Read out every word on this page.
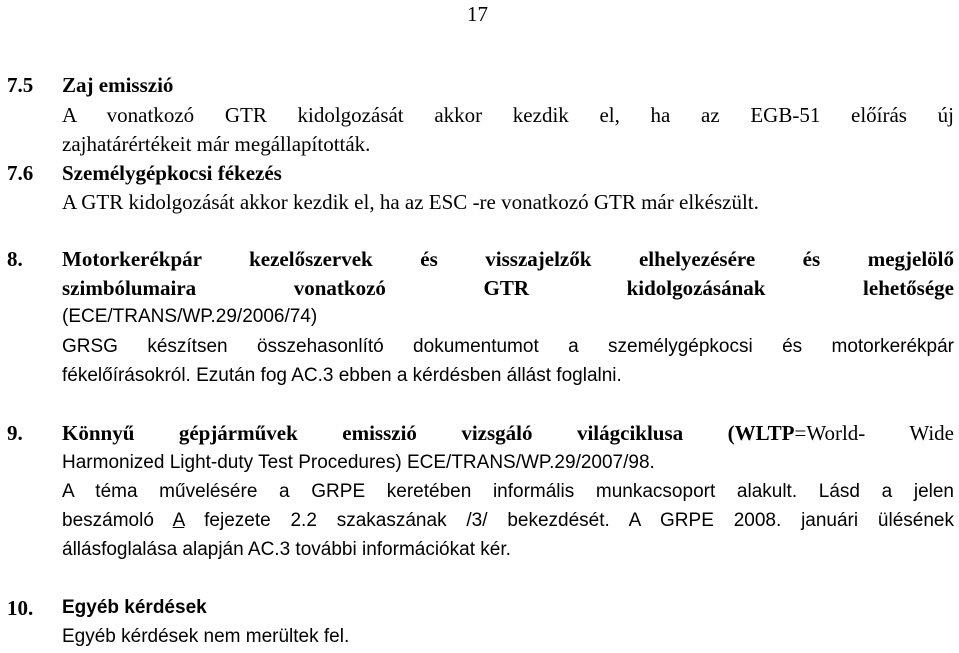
17
7.5 Zaj emisszió
A vonatkozó GTR kidolgozását akkor kezdik el, ha az EGB-51 előírás új
zajhatárértékeit már megállapították.
7.6 Személygépkocsi fékezés
A GTR kidolgozását akkor kezdik el, ha az ESC -re vonatkozó GTR már elkészült.
8. Motorkerékpár kezelőszervek és visszajelzők elhelyezésére és megjelölő
szimbólumaira vonatkozó GTR kidolgozásának lehetősége
(ECE/TRANS/WP.29/2006/74)
GRSG készítsen összehasonlító dokumentumot a személygépkocsi és motorkerékpár
fékelőírásokról. Ezután fog AC.3 ebben a kérdésben állást foglalni.
9. Könnyű gépjárművek emisszió vizsgáló világciklusa (WLTP=World- Wide
Harmonized Light-duty Test Procedures) ECE/TRANS/WP.29/2007/98.
A téma művelésére a GRPE keretében informális munkacsoport alakult. Lásd a jelen
beszámoló A fejezete 2.2 szakaszának /3/ bekezdését. A GRPE 2008. januári ülésének
állásfoglalása alapján AC.3 további információkat kér.
10. Egyéb kérdések
Egyéb kérdések nem merültek fel.
